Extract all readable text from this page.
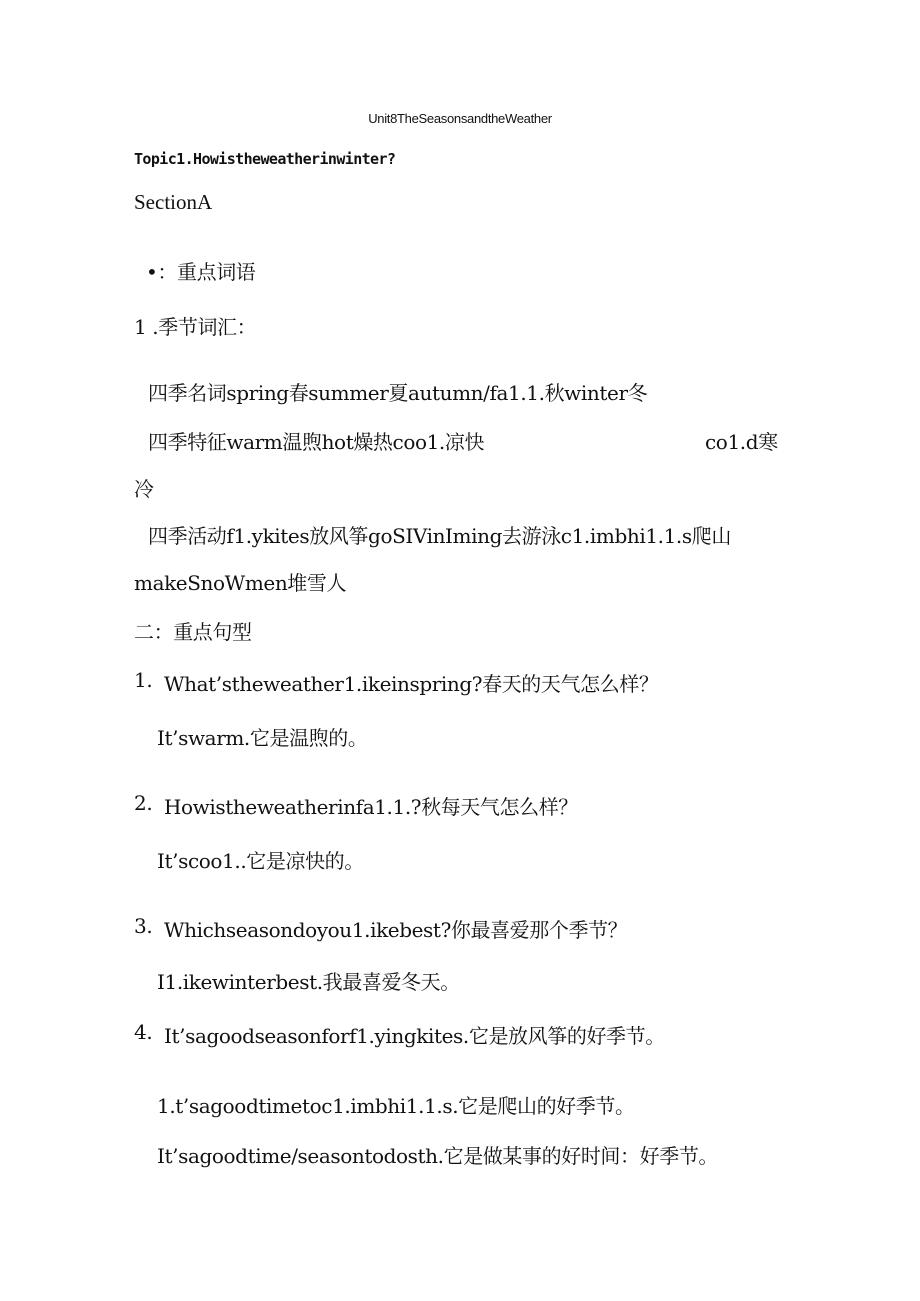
Unit8TheSeasonsandtheWeather
Topic1.Howistheweatherinwinter?
SectionA
•：重点词语
1 .季节词汇：
四季名词spring春summer夏autumn/fa1.1.秋winter冬
四季特征warm温煦hot燥热coo1.凉快	co1.d寒
冷
四季活动f1.ykites放风筝goSIVinIming去游泳c1.imbhi1.1.s爬山
makeSnoWmen堆雪人
二：重点句型
1. What’stheweather1.ikeinspring?春天的天气怎么样？
It’swarm.它是温煦的。
2. Howistheweatherinfa1.1.?秋每天气怎么样？
It’scoo1..它是凉快的。
3. Whichseasondoyou1.ikebest?你最喜爱那个季节？
I1.ikewinterbest.我最喜爱冬天。
4. It’sagoodseasonforf1.yingkites.它是放风筝的好季节。
1.t’sagoodtimetoc1.imbhi1.1.s.它是爬山的好季节。
It’sagoodtime/seasontodosth.它是做某事的好时间：好季节。
